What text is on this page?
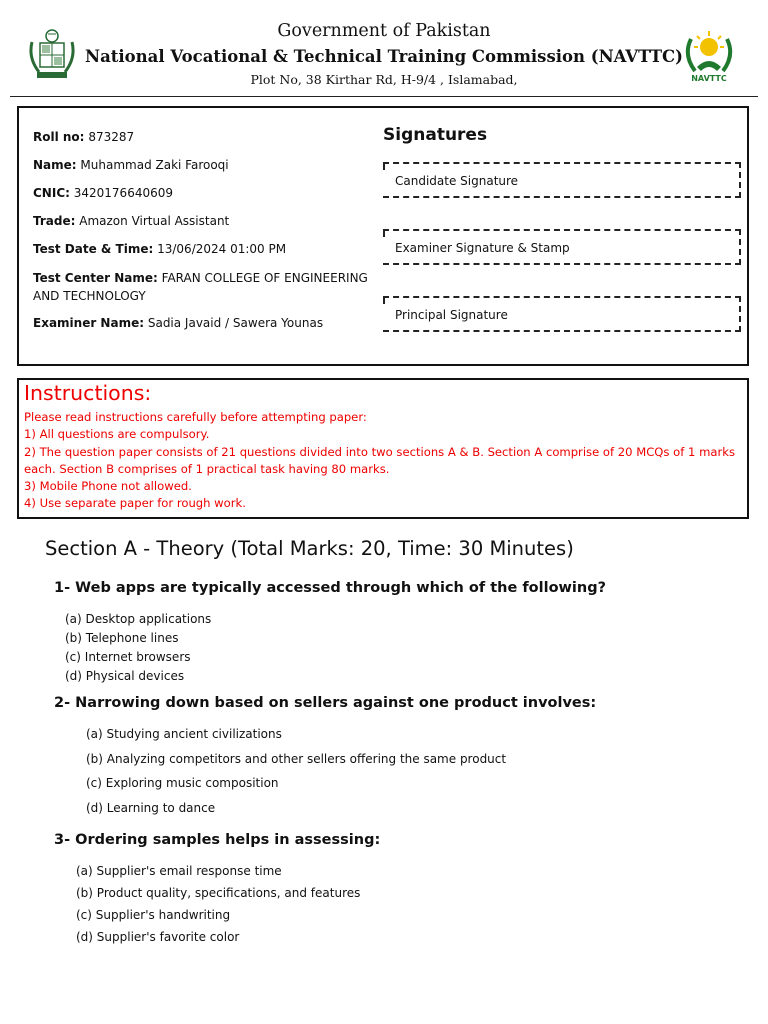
NAVTTC
Government of Pakistan
National Vocational & Technical Training Commission (NAVTTC)
Plot No, 38 Kirthar Rd, H-9/4 , Islamabad,
Roll no: 873287
Name: Muhammad Zaki Farooqi
CNIC: 3420176640609
Trade: Amazon Virtual Assistant
Test Date & Time: 13/06/2024 01:00 PM
Test Center Name: FARAN COLLEGE OF ENGINEERING
AND TECHNOLOGY
Examiner Name: Sadia Javaid / Sawera Younas
Signatures
Candidate Signature
Examiner Signature & Stamp
Principal Signature
Instructions:
Please read instructions carefully before attempting paper:
1) All questions are compulsory.
2) The question paper consists of 21 questions divided into two sections A & B. Section A comprise of 20 MCQs of 1 marks
each. Section B comprises of 1 practical task having 80 marks.
3) Mobile Phone not allowed.
4) Use separate paper for rough work.
Section A - Theory (Total Marks: 20, Time: 30 Minutes)
1- Web apps are typically accessed through which of the following?
(a) Desktop applications
(b) Telephone lines
(c) Internet browsers
(d) Physical devices
2- Narrowing down based on sellers against one product involves:
(a) Studying ancient civilizations
(b) Analyzing competitors and other sellers offering the same product
(c) Exploring music composition
(d) Learning to dance
3- Ordering samples helps in assessing:
(a) Supplier's email response time
(b) Product quality, specifications, and features
(c) Supplier's handwriting
(d) Supplier's favorite color
